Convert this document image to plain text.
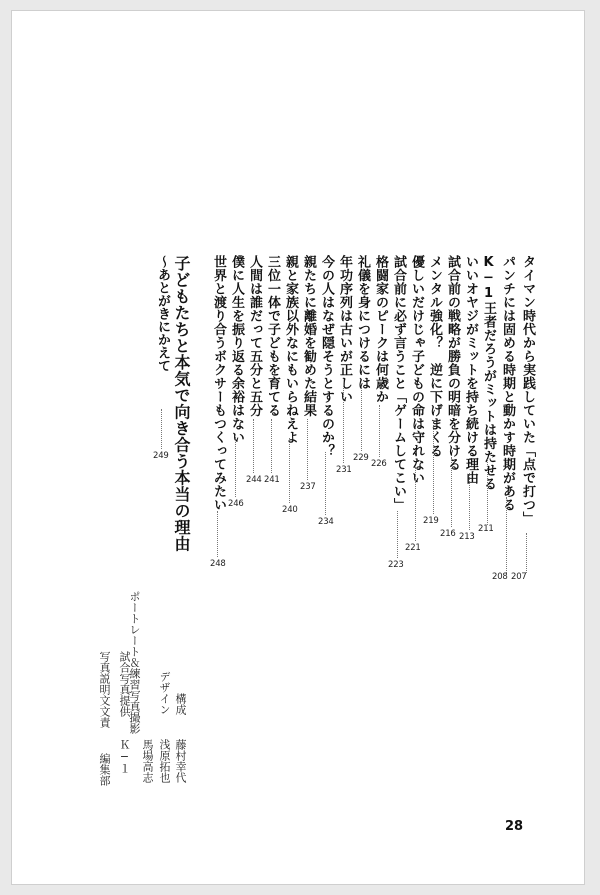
タイマン時代から実践していた「点で打つ」
207
パンチには固める時期と動かす時期がある
208
K−1王者だろうがミットは持たせる
211
いいオヤジがミットを持ち続ける理由
213
試合前の戦略が勝負の明暗を分ける
216
メンタル強化？　逆に下げまくる
219
優しいだけじゃ子どもの命は守れない
221
試合前に必ず言うこと「ゲームしてこい」
223
格闘家のピークは何歳か
226
礼儀を身につけるには
229
年功序列は古いが正しい
231
今の人はなぜ隠そうとするのか？
234
親たちに離婚を勧めた結果
237
親と家族以外なにもいらねえよ
240
三位一体で子どもを育てる
241
人間は誰だって五分と五分
244
僕に人生を振り返る余裕はない
246
世界と渡り合うボクサーもつくってみたい
248
子どもたちと本気で向き合う本当の理由
〜あとがきにかえて
249
構成
藤村幸代
デザイン
浅原拓也
ポートレート＆練習写真撮影
馬場高志
試合写真提供
Ｋ−１
写真説明文文責
編集部
28
